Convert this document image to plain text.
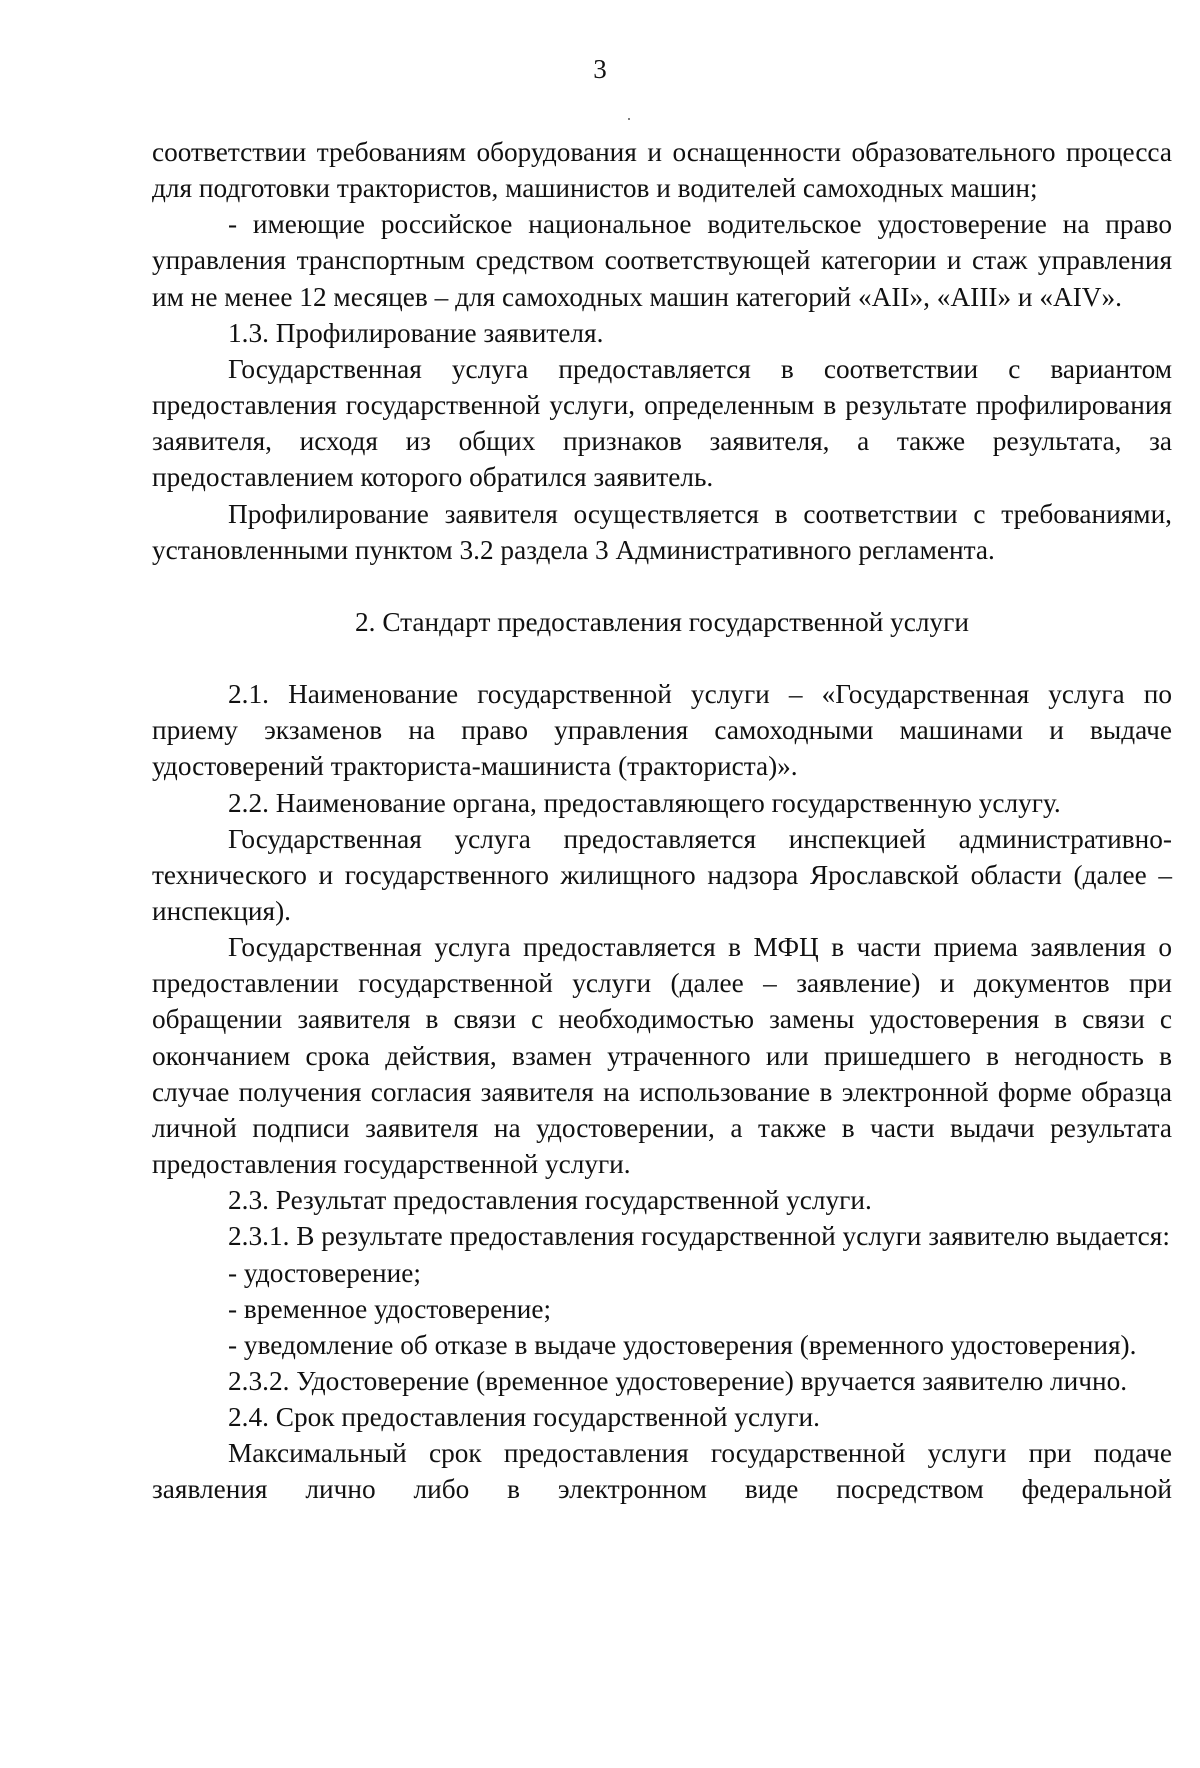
3

соответствии требованиям оборудования и оснащенности образовательного процесса для подготовки трактористов, машинистов и водителей самоходных машин;

- имеющие российское национальное водительское удостоверение на право управления транспортным средством соответствующей категории и стаж управления им не менее 12 месяцев – для самоходных машин категорий «AII», «AIII» и «AIV».

1.3. Профилирование заявителя.

Государственная услуга предоставляется в соответствии с вариантом предоставления государственной услуги, определенным в результате профилирования заявителя, исходя из общих признаков заявителя, а также результата, за предоставлением которого обратился заявитель.

Профилирование заявителя осуществляется в соответствии с требованиями, установленными пунктом 3.2 раздела 3 Административного регламента.

2. Стандарт предоставления государственной услуги

2.1. Наименование государственной услуги – «Государственная услуга по приему экзаменов на право управления самоходными машинами и выдаче удостоверений тракториста-машиниста (тракториста)».

2.2. Наименование органа, предоставляющего государственную услугу.

Государственная услуга предоставляется инспекцией административно-технического и государственного жилищного надзора Ярославской области (далее – инспекция).

Государственная услуга предоставляется в МФЦ в части приема заявления о предоставлении государственной услуги (далее – заявление) и документов при обращении заявителя в связи с необходимостью замены удостоверения в связи с окончанием срока действия, взамен утраченного или пришедшего в негодность в случае получения согласия заявителя на использование в электронной форме образца личной подписи заявителя на удостоверении, а также в части выдачи результата предоставления государственной услуги.

2.3. Результат предоставления государственной услуги.

2.3.1. В результате предоставления государственной услуги заявителю выдается:

- удостоверение;

- временное удостоверение;

- уведомление об отказе в выдаче удостоверения (временного удостоверения).

2.3.2. Удостоверение (временное удостоверение) вручается заявителю лично.

2.4. Срок предоставления государственной услуги.

Максимальный срок предоставления государственной услуги при подаче заявления лично либо в электронном виде посредством федеральной
